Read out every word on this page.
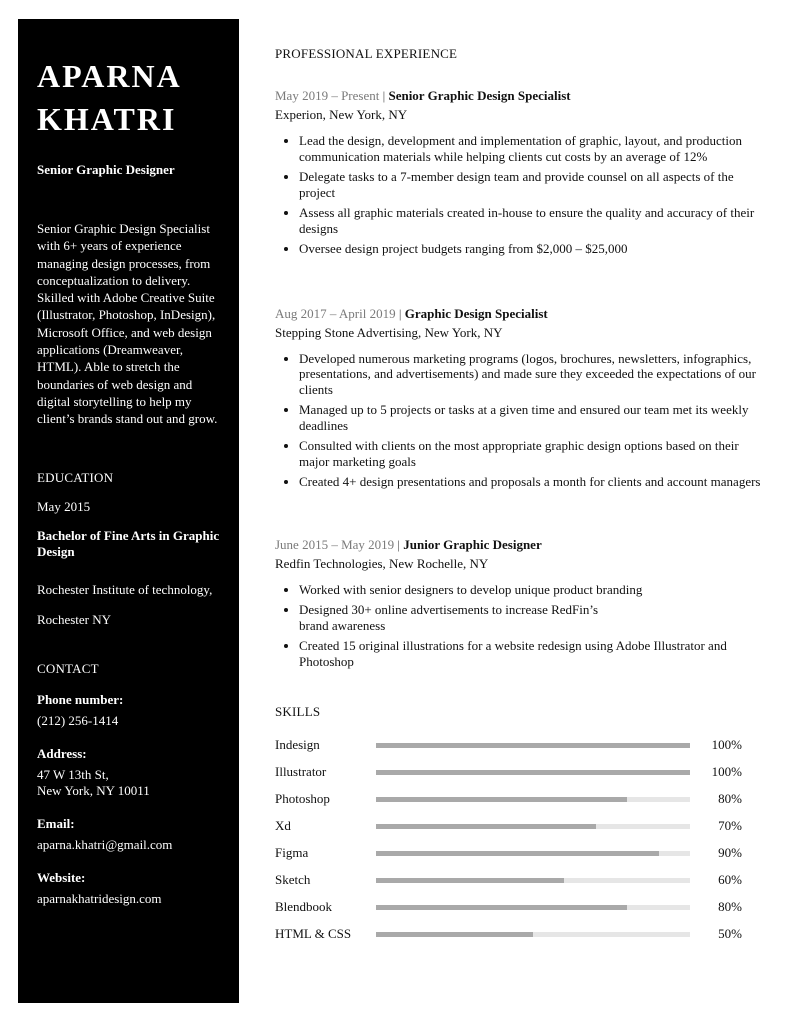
APARNA
KHATRI
Senior Graphic Designer
Senior Graphic Design Specialist with 6+ years of experience managing design processes, from conceptualization to delivery. Skilled with Adobe Creative Suite (Illustrator, Photoshop, InDesign), Microsoft Office, and web design applications (Dreamweaver, HTML). Able to stretch the boundaries of web design and digital storytelling to help my client’s brands stand out and grow.
EDUCATION
May 2015
Bachelor of Fine Arts in Graphic Design
Rochester Institute of technology,
Rochester NY
CONTACT
Phone number:
(212) 256-1414
Address:
47 W 13th St,
New York, NY 10011
Email:
aparna.khatri@gmail.com
Website:
aparnakhatridesign.com
PROFESSIONAL EXPERIENCE
May 2019 – Present | Senior Graphic Design Specialist
Experion, New York, NY
• Lead the design, development and implementation of graphic, layout, and production communication materials while helping clients cut costs by an average of 12%
• Delegate tasks to a 7-member design team and provide counsel on all aspects of the project
• Assess all graphic materials created in-house to ensure the quality and accuracy of their designs
• Oversee design project budgets ranging from $2,000 – $25,000
Aug 2017 – April 2019 | Graphic Design Specialist
Stepping Stone Advertising, New York, NY
• Developed numerous marketing programs (logos, brochures, newsletters, infographics, presentations, and advertisements) and made sure they exceeded the expectations of our clients
• Managed up to 5 projects or tasks at a given time and ensured our team met its weekly deadlines
• Consulted with clients on the most appropriate graphic design options based on their major marketing goals
• Created 4+ design presentations and proposals a month for clients and account managers
June 2015 – May 2019 | Junior Graphic Designer
Redfin Technologies, New Rochelle, NY
• Worked with senior designers to develop unique product branding
• Designed 30+ online advertisements to increase RedFin’s brand awareness
• Created 15 original illustrations for a website redesign using Adobe Illustrator and Photoshop
SKILLS
Indesign	100%
Illustrator	100%
Photoshop	80%
Xd	70%
Figma	90%
Sketch	60%
Blendbook	80%
HTML & CSS	50%
